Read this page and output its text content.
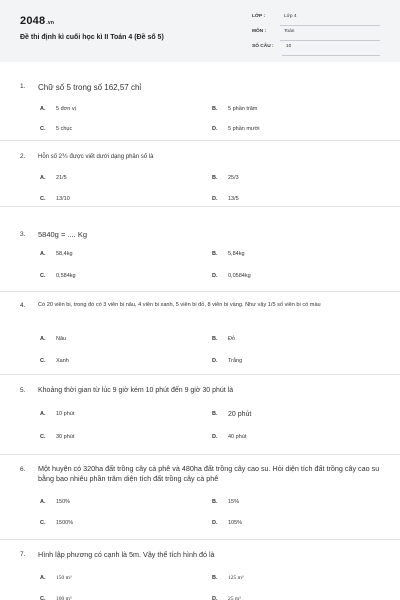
2048.vn
Đề thi định kì cuối học kì II Toán 4 (Đề số 5)
LỚP :	Lớp 4
MÔN :	Toán
SỐ CÂU :	10
1. Chữ số 5 trong số 162,57 chỉ
A. 5 đơn vị	B. 5 phần trăm
C. 5 chục	D. 5 phần mười
2. Hỗn số 2⅗ được viết dưới dạng phân số là
A. 21/5	B. 25/3
C. 13/10	D. 13/5
3. 5840g = .... Kg
A. 58,4kg	B. 5,84kg
C. 0,584kg	D. 0,0584kg
4. Có 20 viên bi, trong đó có 3 viên bi nâu, 4 viên bi xanh, 5 viên bi đỏ, 8 viên bi vàng. Như vậy 1/5 số viên bi có màu
A. Nâu	B. Đỏ
C. Xanh	D. Trắng
5. Khoảng thời gian từ lúc 9 giờ kém 10 phút đến 9 giờ 30 phút là
A. 10 phút	B. 20 phút
C. 30 phút	D. 40 phút
6. Một huyện có 320ha đất trồng cây cà phê và 480ha đất trồng cây cao su. Hỏi diện tích đất trồng cây cao su bằng bao nhiêu phần trăm diện tích đất trồng cây cà phê
A. 150%	B. 15%
C. 1500%	D. 105%
7. Hình lập phương có cạnh là 5m. Vậy thể tích hình đó là
A. 150 m³	B. 125 m³
C. 100 m³	D. 25 m³
